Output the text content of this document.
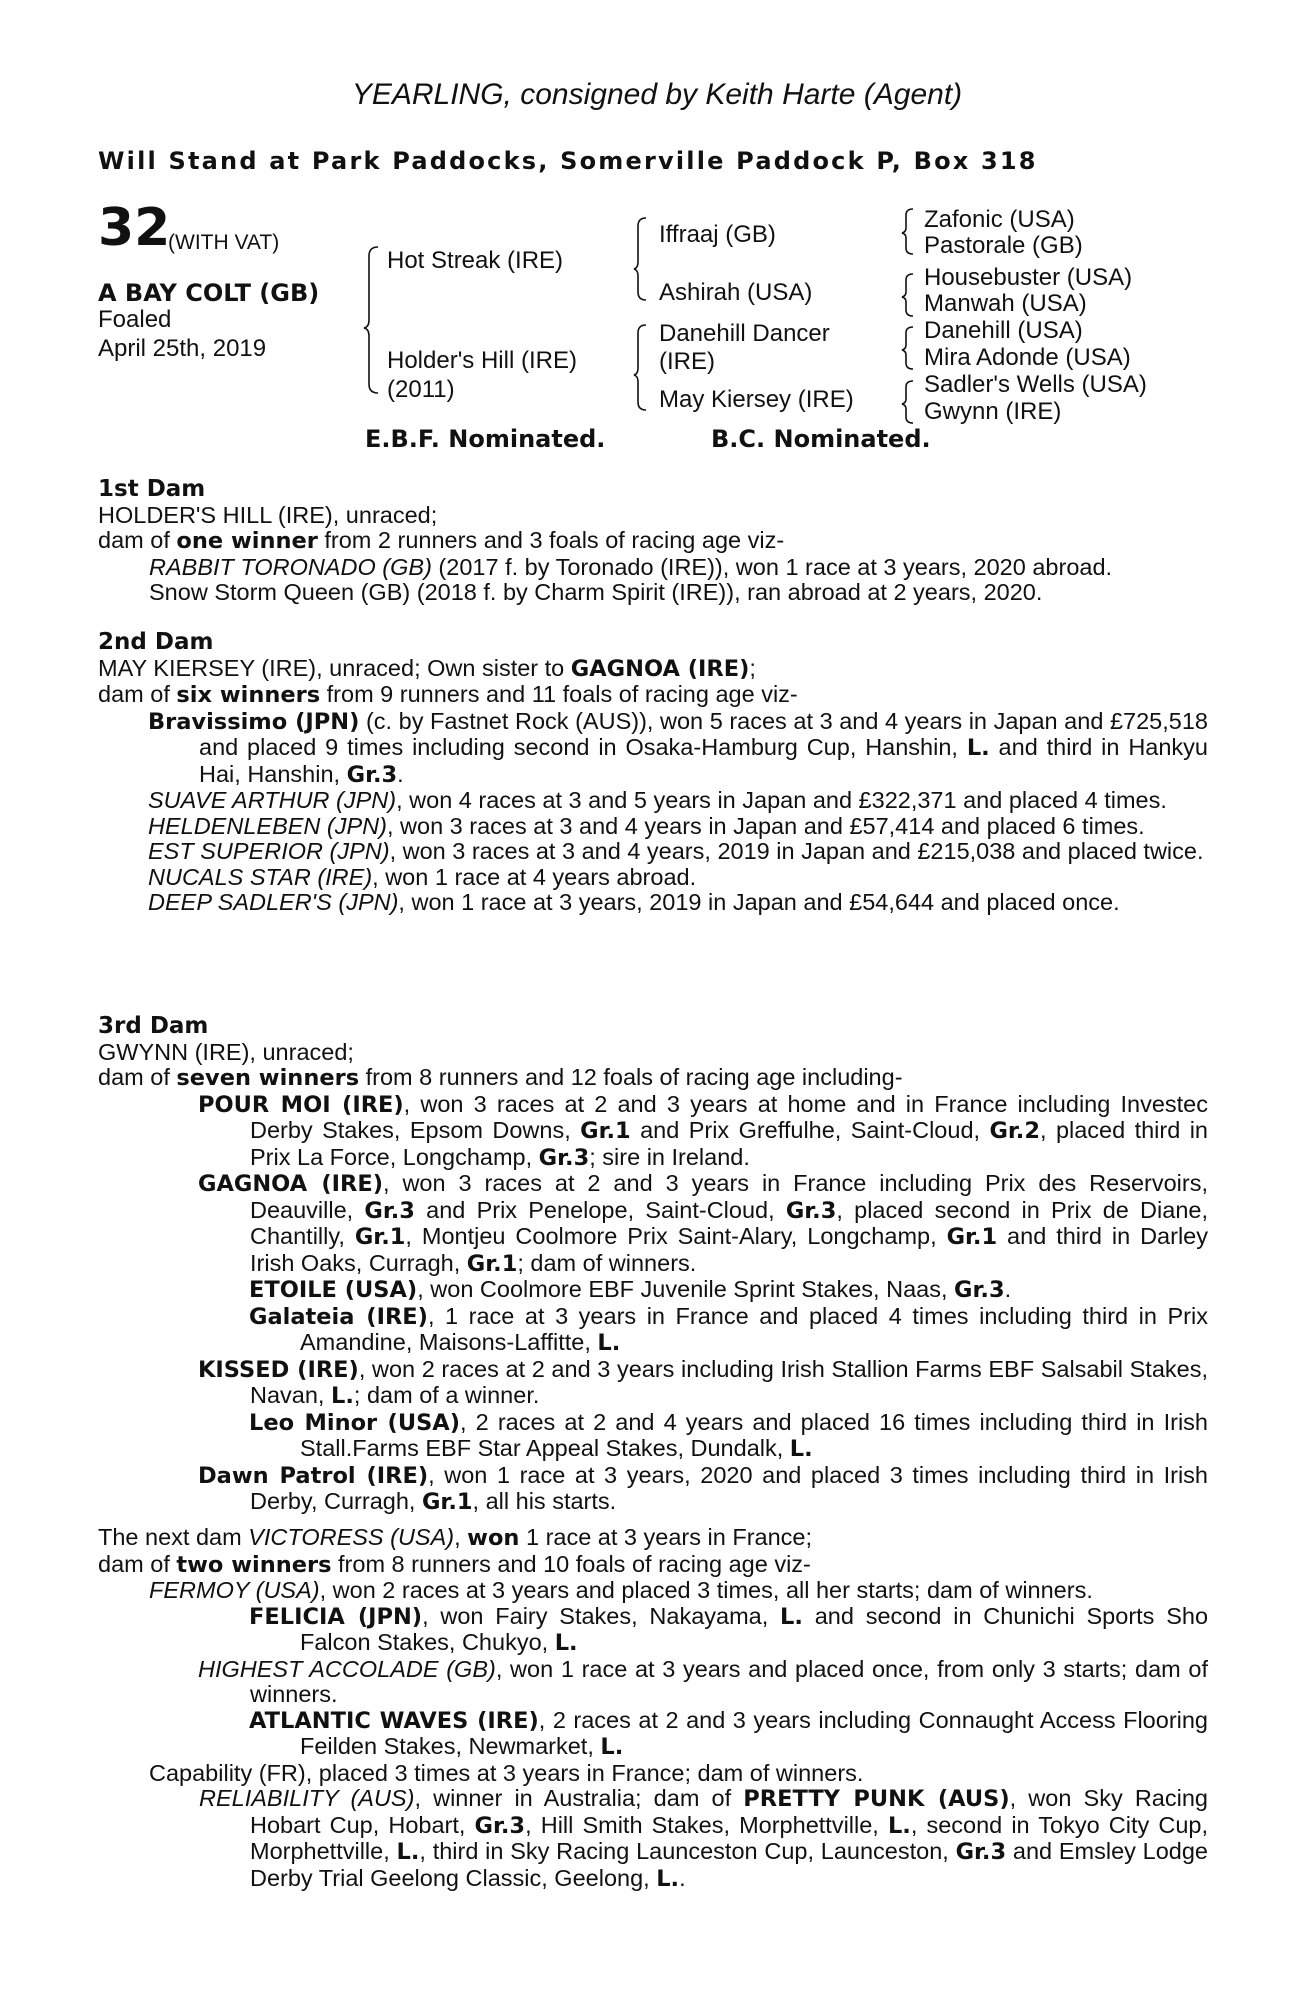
YEARLING, consigned by Keith Harte (Agent)
Will Stand at Park Paddocks, Somerville Paddock P, Box 318
32
(WITH VAT)
A BAY COLT (GB)
Foaled
April 25th, 2019
Hot Streak (IRE)
Holder's Hill (IRE)
(2011)
Iffraaj (GB)
Ashirah (USA)
Danehill Dancer
(IRE)
May Kiersey (IRE)
Zafonic (USA)
Pastorale (GB)
Housebuster (USA)
Manwah (USA)
Danehill (USA)
Mira Adonde (USA)
Sadler's Wells (USA)
Gwynn (IRE)
E.B.F. Nominated.	B.C. Nominated.
1st Dam
HOLDER'S HILL (IRE), unraced;
dam of one winner from 2 runners and 3 foals of racing age viz-
RABBIT TORONADO (GB) (2017 f. by Toronado (IRE)), won 1 race at 3 years, 2020 abroad.
Snow Storm Queen (GB) (2018 f. by Charm Spirit (IRE)), ran abroad at 2 years, 2020.
2nd Dam
MAY KIERSEY (IRE), unraced; Own sister to GAGNOA (IRE);
dam of six winners from 9 runners and 11 foals of racing age viz-
Bravissimo (JPN) (c. by Fastnet Rock (AUS)), won 5 races at 3 and 4 years in Japan and £725,518 and placed 9 times including second in Osaka-Hamburg Cup, Hanshin, L. and third in Hankyu Hai, Hanshin, Gr.3.
SUAVE ARTHUR (JPN), won 4 races at 3 and 5 years in Japan and £322,371 and placed 4 times.
HELDENLEBEN (JPN), won 3 races at 3 and 4 years in Japan and £57,414 and placed 6 times.
EST SUPERIOR (JPN), won 3 races at 3 and 4 years, 2019 in Japan and £215,038 and placed twice.
NUCALS STAR (IRE), won 1 race at 4 years abroad.
DEEP SADLER'S (JPN), won 1 race at 3 years, 2019 in Japan and £54,644 and placed once.
3rd Dam
GWYNN (IRE), unraced;
dam of seven winners from 8 runners and 12 foals of racing age including-
POUR MOI (IRE), won 3 races at 2 and 3 years at home and in France including Investec Derby Stakes, Epsom Downs, Gr.1 and Prix Greffulhe, Saint-Cloud, Gr.2, placed third in Prix La Force, Longchamp, Gr.3; sire in Ireland.
GAGNOA (IRE), won 3 races at 2 and 3 years in France including Prix des Reservoirs, Deauville, Gr.3 and Prix Penelope, Saint-Cloud, Gr.3, placed second in Prix de Diane, Chantilly, Gr.1, Montjeu Coolmore Prix Saint-Alary, Longchamp, Gr.1 and third in Darley Irish Oaks, Curragh, Gr.1; dam of winners.
ETOILE (USA), won Coolmore EBF Juvenile Sprint Stakes, Naas, Gr.3.
Galateia (IRE), 1 race at 3 years in France and placed 4 times including third in Prix Amandine, Maisons-Laffitte, L.
KISSED (IRE), won 2 races at 2 and 3 years including Irish Stallion Farms EBF Salsabil Stakes, Navan, L.; dam of a winner.
Leo Minor (USA), 2 races at 2 and 4 years and placed 16 times including third in Irish Stall.Farms EBF Star Appeal Stakes, Dundalk, L.
Dawn Patrol (IRE), won 1 race at 3 years, 2020 and placed 3 times including third in Irish Derby, Curragh, Gr.1, all his starts.
The next dam VICTORESS (USA), won 1 race at 3 years in France;
dam of two winners from 8 runners and 10 foals of racing age viz-
FERMOY (USA), won 2 races at 3 years and placed 3 times, all her starts; dam of winners.
FELICIA (JPN), won Fairy Stakes, Nakayama, L. and second in Chunichi Sports Sho Falcon Stakes, Chukyo, L.
HIGHEST ACCOLADE (GB), won 1 race at 3 years and placed once, from only 3 starts; dam of winners.
ATLANTIC WAVES (IRE), 2 races at 2 and 3 years including Connaught Access Flooring Feilden Stakes, Newmarket, L.
Capability (FR), placed 3 times at 3 years in France; dam of winners.
RELIABILITY (AUS), winner in Australia; dam of PRETTY PUNK (AUS), won Sky Racing Hobart Cup, Hobart, Gr.3, Hill Smith Stakes, Morphettville, L., second in Tokyo City Cup, Morphettville, L., third in Sky Racing Launceston Cup, Launceston, Gr.3 and Emsley Lodge Derby Trial Geelong Classic, Geelong, L..
